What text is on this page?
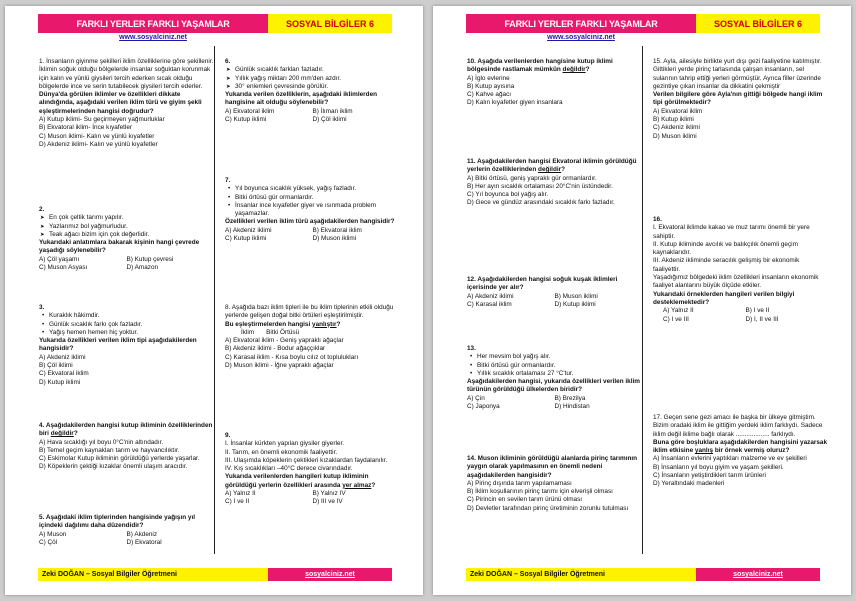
FARKLI YERLER FARKLI YAŞAMLAR	SOSYAL BİLGİLER 6
www.sosyalciniz.net
1. İnsanların giyinme şekilleri iklim özelliklerine göre şekillenir. İklimin soğuk olduğu bölgelerde insanlar soğuktan korunmak için kalın ve yünlü giysileri tercih ederken sıcak olduğu bölgelerde ince ve serin tutabilecek giysileri tercih ederler.
Dünya'da görülen iklimler ve özellikleri dikkate alındığında, aşağıdaki verilen iklim türü ve giyim şekli eşleştirmelerinden hangisi doğrudur?
A) Kutup iklimi- Su geçirmeyen yağmurluklar
B) Ekvatoral iklim- İnce kıyafetler
C) Muson iklimi- Kalın ve yünlü kıyafetler
D) Akdeniz iklimi- Kalın ve yünlü kıyafetler
2.
➤ En çok çeltik tarımı yapılır.
➤ Yazlarımız bol yağmurludur.
➤ Teak ağacı bizim için çok değerlidir.
Yukarıdaki anlatımlara bakarak kişinin hangi çevrede yaşadığı söylenebilir?
A) Çöl yaşamı	B) Kutup çevresi
C) Muson Asyası	D) Amazon
3.
• Kuraklık hâkimdir.
• Günlük sıcaklık farkı çok fazladır.
• Yağış hemen hemen hiç yoktur.
Yukarıda özellikleri verilen iklim tipi aşağıdakilerden hangisidir?
A) Akdeniz iklimi
B) Çöl iklimi
C) Ekvatoral iklim
D) Kutup iklimi
4. Aşağıdakilerden hangisi kutup ikliminin özelliklerinden biri değildir?
A) Hava sıcaklığı yıl boyu 0°C'nin altındadır.
B) Temel geçim kaynakları tarım ve hayvancılıktır.
C) Eskimolar Kutup ikliminin görüldüğü yerlerde yaşarlar.
D) Köpeklerin çektiği kızaklar önemli ulaşım aracıdır.
5. Aşağıdaki iklim tiplerinden hangisinde yağışın yıl içindeki dağılımı daha düzendidir?
A) Muson	B) Akdeniz
C) Çöl	D) Ekvatoral
6.
➤ Günlük sıcaklık farkları fazladır.
➤ Yıllık yağış miktarı 200 mm'den azdır.
➤ 30° enlemleri çevresinde görülür.
Yukarıda verilen özelliklerin, aşağıdaki iklimlerden hangisine ait olduğu söylenebilir?
A) Ekvatoral iklim	B) İlıman iklim
C) Kutup iklimi	D) Çöl iklimi
7.
• Yıl boyunca sıcaklık yüksek, yağış fazladır.
• Bitki örtüsü gür ormanlardır.
• İnsanlar ince kıyafetler giyer ve ısınmada problem yaşamazlar.
Özellikleri verilen iklim türü aşağıdakilerden hangisidir?
A) Akdeniz iklimi	B) Ekvatoral iklim
C) Kutup iklimi	D) Muson iklimi
8. Aşağıda bazı iklim tipleri ile bu iklim tiplerinin etkili olduğu yerlerde gelişen doğal bitki örtüleri eşleştirilmiştir.
Bu eşleştirmelerden hangisi yanlıştır?
İklim Bitki Örtüsü
A) Ekvatoral iklim - Geniş yapraklı ağaçlar
B) Akdeniz iklimi - Bodur ağaççıklar
C) Karasal iklim - Kısa boylu cılız ot toplulukları
D) Muson iklimi - İğne yapraklı ağaçlar
9.
I. İnsanlar kürkten yapılan giysiler giyerler.
II. Tarım, en önemli ekonomik faaliyettir.
III. Ulaşımda köpeklerin çektikleri kızaklardan faydalanılır.
IV. Kış sıcaklıkları –40°C derece civarındadır.
Yukarıda verilenlerden hangileri kutup ikliminin görüldüğü yerlerin özellikleri arasında yer almaz?
A) Yalnız II	B) Yalnız IV
C) I ve II	D) III ve IV
Zeki DOĞAN – Sosyal Bilgiler Öğretmeni	sosyalciniz.net
FARKLI YERLER FARKLI YAŞAMLAR	SOSYAL BİLGİLER 6
www.sosyalciniz.net
10. Aşağıda verilenlerden hangisine kutup iklimi bölgesinde rastlamak mümkün değildir?
A) İglo evlerine
B) Kutup ayısına
C) Kahve ağacı
D) Kalın kıyafetler giyen insanlara
11. Aşağıdakilerden hangisi Ekvatoral iklimin görüldüğü yerlerin özelliklerinden değildir?
A) Bitki örtüsü, geniş yapraklı gür ormanlardır.
B) Her ayın sıcaklık ortalaması 20°C'nin üstündedir.
C) Yıl boyunca bol yağış alır.
D) Gece ve gündüz arasındaki sıcaklık farkı fazladır.
12. Aşağıdakilerden hangisi soğuk kuşak iklimleri içerisinde yer alır?
A) Akdeniz iklimi	B) Muson iklimi
C) Karasal iklim	D) Kutup iklimi
13.
• Her mevsim bol yağış alır.
• Bitki örtüsü gür ormanlardır.
• Yıllık sıcaklık ortalaması 27 °C'tur.
Aşağıdakilerden hangisi, yukarıda özellikleri verilen iklim türünün görüldüğü ülkelerden biridir?
A) Çin	B) Brezilya
C) Japonya	D) Hindistan
14. Muson ikliminin görüldüğü alanlarda pirinç tarımının yaygın olarak yapılmasının en önemli nedeni aşağıdakilerden hangisidir?
A) Pirinç dışında tarım yapılamaması
B) İklim koşullarının pirinç tarımı için elverişli olması
C) Pirincin en sevilen tarım ürünü olması
D) Devletler tarafından pirinç üretiminin zorunlu tutulması
15. Ayla, ailesiyle birlikte yurt dışı gezi faaliyetine katılmıştır. Gittikleri yerde pirinç tarlasında çalışan insanların, sel sularının tahrip ettiği yerleri görmüştür. Ayrıca filler üzerinde gezintiye çıkan insanlar da dikkatini çekmiştir
Verilen bilgilere göre Ayla'nın gittiği bölgede hangi iklim tipi görülmektedir?
A) Ekvatoral iklim
B) Kutup iklimi
C) Akdeniz iklimi
D) Muson iklimi
16.
I. Ekvatoral iklimde kakao ve muz tarımı önemli bir yere sahiptir.
II. Kutup ikliminde avcılık ve balıkçılık önemli geçim kaynaklarıdır.
III. Akdeniz ikliminde seracılık gelişmiş bir ekonomik faaliyettir.
Yaşadığımız bölgedeki iklim özellikleri insanların ekonomik faaliyet alanlarını büyük ölçüde etkiler.
Yukarıdaki örneklerden hangileri verilen bilgiyi desteklemektedir?
A) Yalnız II	B) I ve II
C) I ve III	D) I, II ve III
17. Geçen sene gezi amacı ile başka bir ülkeye gitmiştim. Bizim oradaki iklim ile gittiğim yerdeki iklim farklıydı. Sadece iklim değil iklime bağlı olarak ................... farklıydı.
Buna göre boşluklara aşağıdakilerden hangisini yazarsak iklim etkisine yanlış bir örnek vermiş oluruz?
A) İnsanların evlerini yaptıkları malzeme ve ev şekilleri
B) İnsanların yıl boyu giyim ve yaşam şekilleri.
C) İnsanların yetiştirdikleri tarım ürünleri
D) Yeraltındaki madenleri
Zeki DOĞAN – Sosyal Bilgiler Öğretmeni	sosyalciniz.net
